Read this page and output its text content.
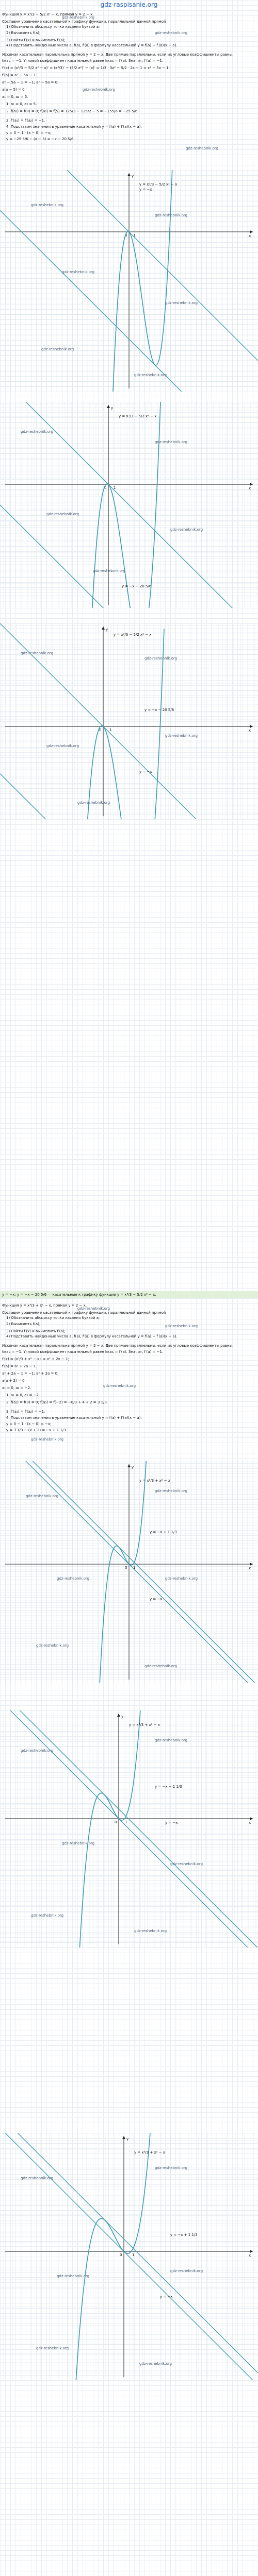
gdz-raspisanie.org
Функция y = x³/3 − 5/2 x² − x, прямая y = 2 − x.
Составим уравнение касательной к графику функции, параллельной данной прямой
1) Обозначить абсциссу точки касания буквой a;
2) Вычислить f(a);
3) Найти f′(x) и вычислить f′(a);
4) Подставить найденные числа a, f(a), f′(a) в формулу касательной y = f(a) + f′(a)(x − a).
Искомая касательная параллельна прямой y = 2 − x. Две прямые параллельны, если их угловые коэффициенты равны.
kкас = −1. Угловой коэффициент касательной равен kкас = f′(a). Значит, f′(a) = −1.
f′(x) = (x³/3 − 5/2 x² − x)′ = (x³/3)′ − (5/2 x²)′ − (x)′ = 1/3 · 3x² − 5/2 · 2x − 1 = x² − 5x − 1;
f′(a) = a² − 5a − 1.
a² − 5a − 1 = −1; a² − 5a = 0;
a(a − 5) = 0
a₁ = 0, a₂ = 5.
1. a₁ = 0, a₂ = 5.
2. f(a₁) = f(0) = 0; f(a₂) = f(5) = 125/3 − 125/2 − 5 = −155/6 = −25 5/6.
3. f′(a₁) = f′(a₂) = −1.
4. Подставим значения в уравнение касательной y = f(a) + f′(a)(x − a):
y = 0 − 1 · (x − 0) = −x;
y = −25 5/6 − (x − 5) = −x − 20 5/6.
gdz-reshebnik.org
gdz-reshebnik.org
gdz-reshebnik.org
gdz-reshebnik.org
x
y
0 1
y = x³/3 − 5/2 x² − x
y = −x
gdz-reshebnik.org
gdz-reshebnik.org
gdz-reshebnik.org
gdz-reshebnik.org
gdz-reshebnik.org
gdz-reshebnik.org
x
y
0 1
y = x³/3 − 5/2 x² − x
y = −x − 20 5/6
gdz-reshebnik.org
gdz-reshebnik.org
gdz-reshebnik.org
gdz-reshebnik.org
gdz-reshebnik.org
x
y
0 1
y = x³/3 − 5/2 x² − x
y = −x − 20 5/6
y = −x
gdz-reshebnik.org
gdz-reshebnik.org
gdz-reshebnik.org
gdz-reshebnik.org
gdz-reshebnik.org
y = −x; y = −x − 20 5/6 — касательные к графику функции y = x³/3 − 5/2 x² − x.
Функция y = x³/3 + x² − x, прямая y = 2 − x.
Составим уравнение касательной к графику функции, параллельной данной прямой
1) Обозначить абсциссу точки касания буквой a;
2) Вычислить f(a);
3) Найти f′(x) и вычислить f′(a);
4) Подставить найденные числа a, f(a), f′(a) в формулу касательной y = f(a) + f′(a)(x − a).
Искомая касательная параллельна прямой y = 2 − x. Две прямые параллельны, если их угловые коэффициенты равны.
kкас = −1. Угловой коэффициент касательной равен kкас = f′(a). Значит, f′(a) = −1.
f′(x) = (x³/3 + x² − x)′ = x² + 2x − 1;
f′(a) = a² + 2a − 1.
a² + 2a − 1 = −1; a² + 2a = 0;
a(a + 2) = 0
a₁ = 0, a₂ = −2.
1. a₁ = 0, a₂ = −2.
2. f(a₁) = f(0) = 0; f(a₂) = f(−2) = −8/3 + 4 + 2 = 3 1/3.
3. f′(a₁) = f′(a₂) = −1.
4. Подставим значения в уравнение касательной y = f(a) + f′(a)(x − a):
y = 0 − 1 · (x − 0) = −x;
y = 3 1/3 − (x + 2) = −x + 1 1/3.
gdz-reshebnik.org
gdz-reshebnik.org
gdz-reshebnik.org
gdz-reshebnik.org
x
y
0 1
y = x³/3 + x² − x
y = −x + 1 1/3
y = −x
gdz-reshebnik.org
gdz-reshebnik.org
gdz-reshebnik.org	gdz-reshebnik.org
gdz-reshebnik.org
gdz-reshebnik.org
x
y
0 1
y = x³/3 + x² − x
y = −x
y = −x + 1 1/3
gdz-reshebnik.org
gdz-reshebnik.org
gdz-reshebnik.org
gdz-reshebnik.org
gdz-reshebnik.org
gdz-reshebnik.org
x
y
0	1
y = x³/3 + x² − x
y = −x + 1 1/3
y = −x
gdz-reshebnik.org
gdz-reshebnik.org
gdz-reshebnik.org
gdz-reshebnik.org
gdz-reshebnik.org
gdz-reshebnik.org
